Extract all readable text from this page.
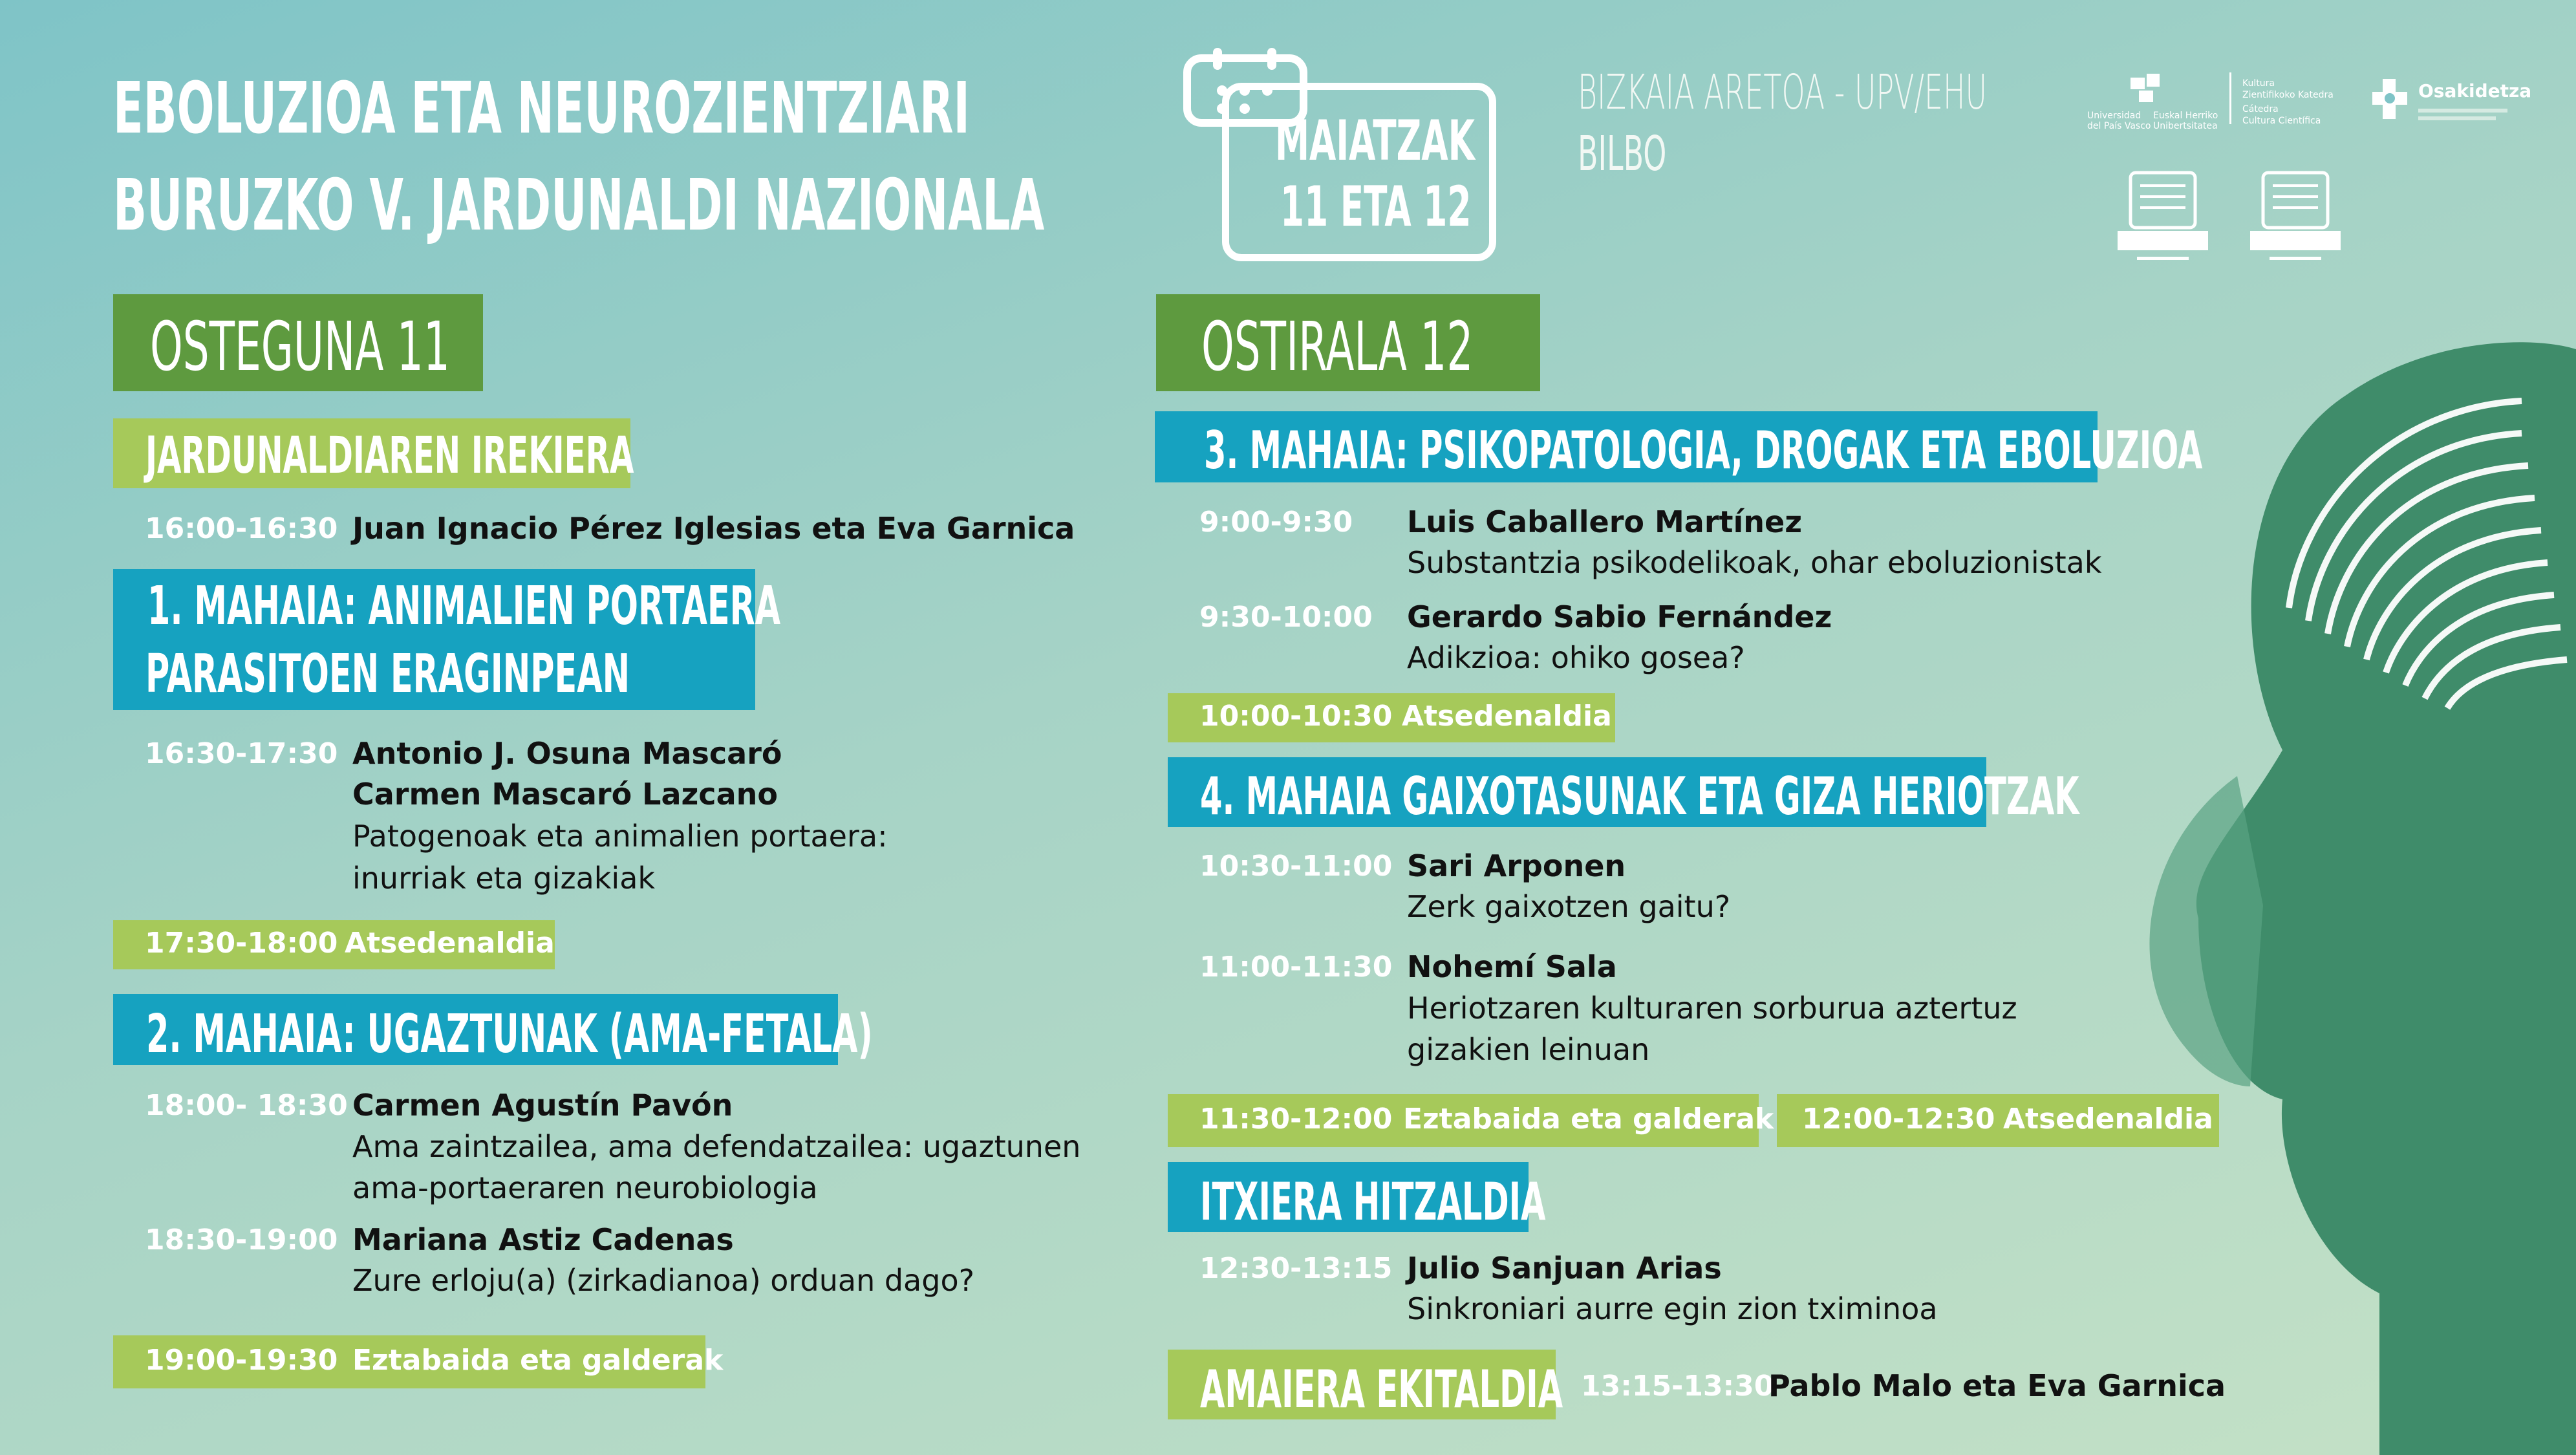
EBOLUZIOA ETA NEUROZIENTZIARI
BURUZKO V. JARDUNALDI NAZIONALA
MAIATZAK
11 ETA 12
BIZKAIA ARETOA - UPV/EHU
BILBO
Universidad
del País Vasco
Euskal Herriko
Unibertsitatea
Kultura
Zientifikoko Katedra
Cátedra
Cultura Científica
Osakidetza
OSTEGUNA 11
JARDUNALDIAREN IREKIERA
16:00-16:30 Juan Ignacio Pérez Iglesias eta Eva Garnica
1. MAHAIA: ANIMALIEN PORTAERA
PARASITOEN ERAGINPEAN
16:30-17:30 Antonio J. Osuna Mascaró
Carmen Mascaró Lazcano
Patogenoak eta animalien portaera:
inurriak eta gizakiak
17:30-18:00 Atsedenaldia
2. MAHAIA: UGAZTUNAK (AMA-FETALA)
18:00- 18:30 Carmen Agustín Pavón
Ama zaintzailea, ama defendatzailea: ugaztunen
ama-portaeraren neurobiologia
18:30-19:00 Mariana Astiz Cadenas
Zure erloju(a) (zirkadianoa) orduan dago?
19:00-19:30 Eztabaida eta galderak
OSTIRALA 12
3. MAHAIA: PSIKOPATOLOGIA, DROGAK ETA EBOLUZIOA
9:00-9:30 Luis Caballero Martínez
Substantzia psikodelikoak, ohar eboluzionistak
9:30-10:00 Gerardo Sabio Fernández
Adikzioa: ohiko gosea?
10:00-10:30 Atsedenaldia
4. MAHAIA GAIXOTASUNAK ETA GIZA HERIOTZAK
10:30-11:00 Sari Arponen
Zerk gaixotzen gaitu?
11:00-11:30 Nohemí Sala
Heriotzaren kulturaren sorburua aztertuz
gizakien leinuan
11:30-12:00 Eztabaida eta galderak 12:00-12:30 Atsedenaldia
ITXIERA HITZALDIA
12:30-13:15 Julio Sanjuan Arias
Sinkroniari aurre egin zion tximinoa
AMAIERA EKITALDIA 13:15-13:30
Pablo Malo eta Eva Garnica
